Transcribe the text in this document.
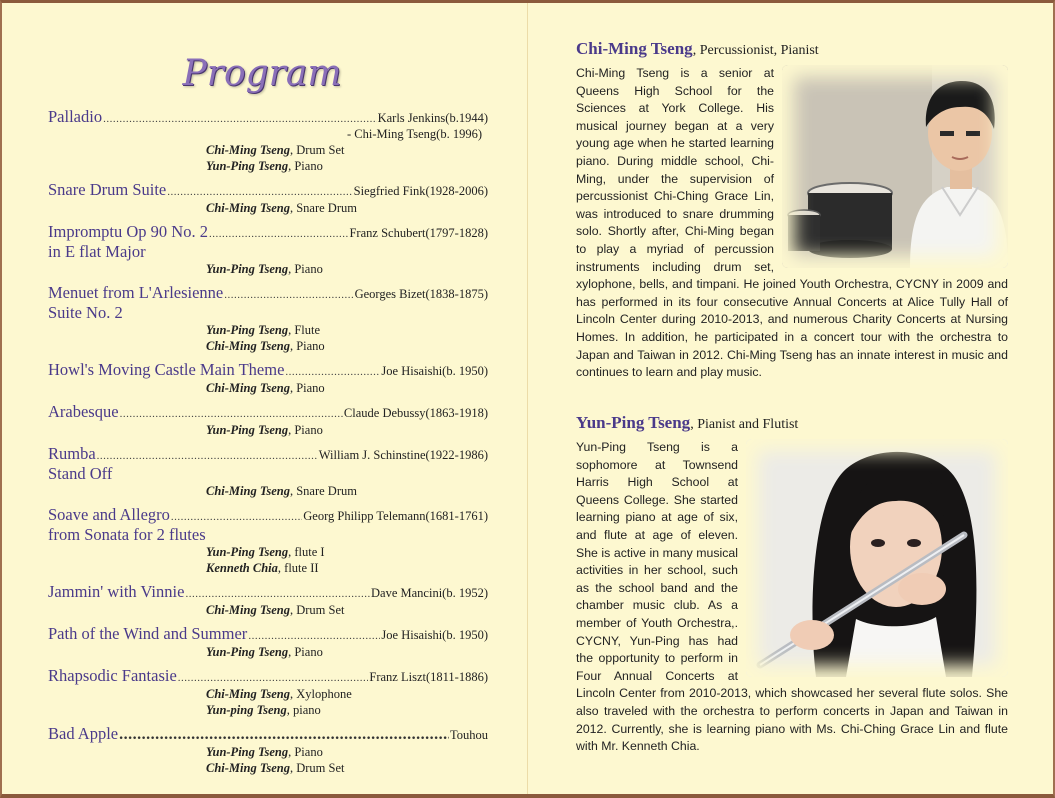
Program
Palladio .....	Karls Jenkins(b.1944)
- Chi-Ming Tseng(b. 1996)
Chi-Ming Tseng, Drum Set
Yun-Ping Tseng, Piano
Snare Drum Suite .....	Siegfried Fink(1928-2006)
Chi-Ming Tseng, Snare Drum
Impromptu Op 90 No. 2 .....	Franz Schubert(1797-1828)
in E flat Major
Yun-Ping Tseng, Piano
Menuet from L'Arlesienne .....	Georges Bizet(1838-1875)
Suite No. 2
Yun-Ping Tseng, Flute
Chi-Ming Tseng, Piano
Howl's Moving Castle Main Theme .....	Joe Hisaishi(b. 1950)
Chi-Ming Tseng, Piano
Arabesque .....	Claude Debussy(1863-1918)
Yun-Ping Tseng, Piano
Rumba .....	William J. Schinstine(1922-1986)
Stand Off
Chi-Ming Tseng, Snare Drum
Soave and Allegro .....	Georg Philipp Telemann(1681-1761)
from Sonata for 2 flutes
Yun-Ping Tseng, flute I
Kenneth Chia, flute II
Jammin' with Vinnie .....	Dave Mancini(b. 1952)
Chi-Ming Tseng, Drum Set
Path of the Wind and Summer .....	Joe Hisaishi(b. 1950)
Yun-Ping Tseng, Piano
Rhapsodic Fantasie .....	Franz Liszt(1811-1886)
Chi-Ming Tseng, Xylophone
Yun-ping Tseng, piano
Bad Apple .....	Touhou
Yun-Ping Tseng, Piano
Chi-Ming Tseng, Drum Set
Chi-Ming Tseng, Percussionist, Pianist
Chi-Ming Tseng is a senior at Queens High School for the Sciences at York College. His musical journey began at a very young age when he started learning piano. During middle school, Chi-Ming, under the supervision of percussionist Chi-Ching Grace Lin, was introduced to snare drumming solo. Shortly after, Chi-Ming began to play a myriad of percussion instruments including drum set, xylophone, bells, and timpani. He joined Youth Orchestra, CYCNY in 2009 and has performed in its four consecutive Annual Concerts at Alice Tully Hall of Lincoln Center during 2010-2013, and numerous Charity Concerts at Nursing Homes. In addition, he participated in a concert tour with the orchestra to Japan and Taiwan in 2012. Chi-Ming Tseng has an innate interest in music and continues to learn and play music.
Yun-Ping Tseng, Pianist and Flutist
Yun-Ping Tseng is a sophomore at Townsend Harris High School at Queens College. She started learning piano at age of six, and flute at age of eleven. She is active in many musical activities in her school, such as the school band and the chamber music club. As a member of Youth Orchestra,. CYCNY, Yun-Ping has had the opportunity to perform in Four Annual Concerts at Lincoln Center from 2010-2013, which showcased her several flute solos. She also traveled with the orchestra to perform concerts in Japan and Taiwan in 2012. Currently, she is learning piano with Ms. Chi-Ching Grace Lin and flute with Mr. Kenneth Chia.
